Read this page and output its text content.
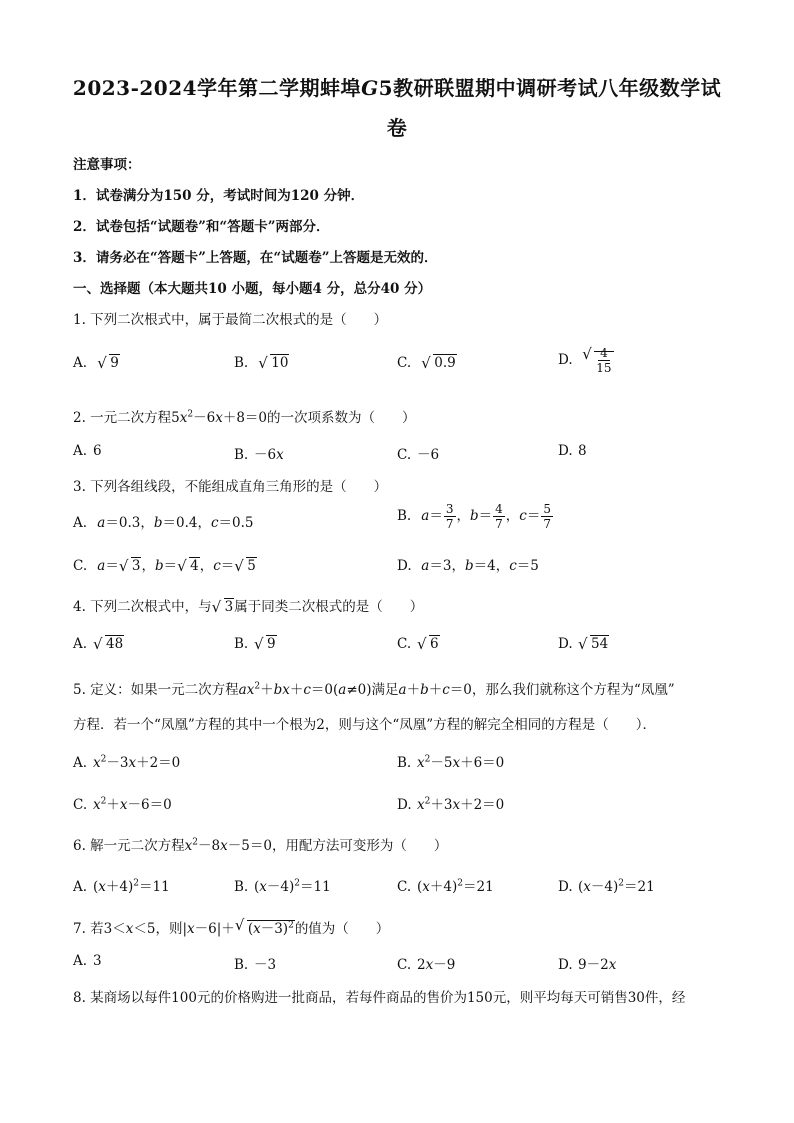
2023-2024学年第二学期蚌埠G5教研联盟期中调研考试八年级数学试
卷
注意事项：
1．试卷满分为150 分，考试时间为120 分钟．
2．试卷包括“试题卷”和“答题卡”两部分．
3．请务必在“答题卡”上答题，在“试题卷”上答题是无效的．
一、选择题（本大题共10 小题，每小题4 分，总分40 分）
1. 下列二次根式中，属于最简二次根式的是（　　）
A. √ 9	B. √ 10	C. √ 0.9	D. √ $\frac{4}{15}$
2. 一元二次方程$5x^2-6x+8=0$的一次项系数为（　　）
A. 6	B. －6x	C. －6	D. 8
3. 下列各组线段，不能组成直角三角形的是（　　）
A. a＝0.3，b＝0.4，c＝0.5	B. $a= \frac{3}{7}$ ，$b= \frac{4}{7}$ ，$c= \frac{5}{7}$
C. a＝ √ 3，b＝ √ 4，c＝ √ 5	D. a＝3，b＝4，c＝5
4. 下列二次根式中，与 √ 3属于同类二次根式的是（　　）
A. √ 48	B. √ 9	C. √ 6	D. √ 54
5. 定义：如果一元二次方程$ax^2+bx+c=0(a\ne 0)$满足a＋b＋c＝0，那么我们就称这个方程为“凤凰”
方程．若一个“凤凰”方程的其中一个根为2，则与这个“凤凰”方程的解完全相同的方程是（　　）．
A. $x^2-3x+2=0$	B. $x^2-5x+6=0$
C. $x^2+x-6=0$	D. $x^2+3x+2=0$
6. 解一元二次方程$x^2-8x-5=0$，用配方法可变形为（　　）
A. $(x+4)^2=11$	B. $(x-4)^2=11$	C. $(x+4)^2=21$	D. $(x-4)^2=21$
7. 若3＜x＜5，则|x－6|＋ √ $(x-3)^2$的值为（　　）
A. 3	B. －3	C. 2x－9	D. 9－2x
8. 某商场以每件100元的价格购进一批商品，若每件商品的售价为150元，则平均每天可销售30件，经
